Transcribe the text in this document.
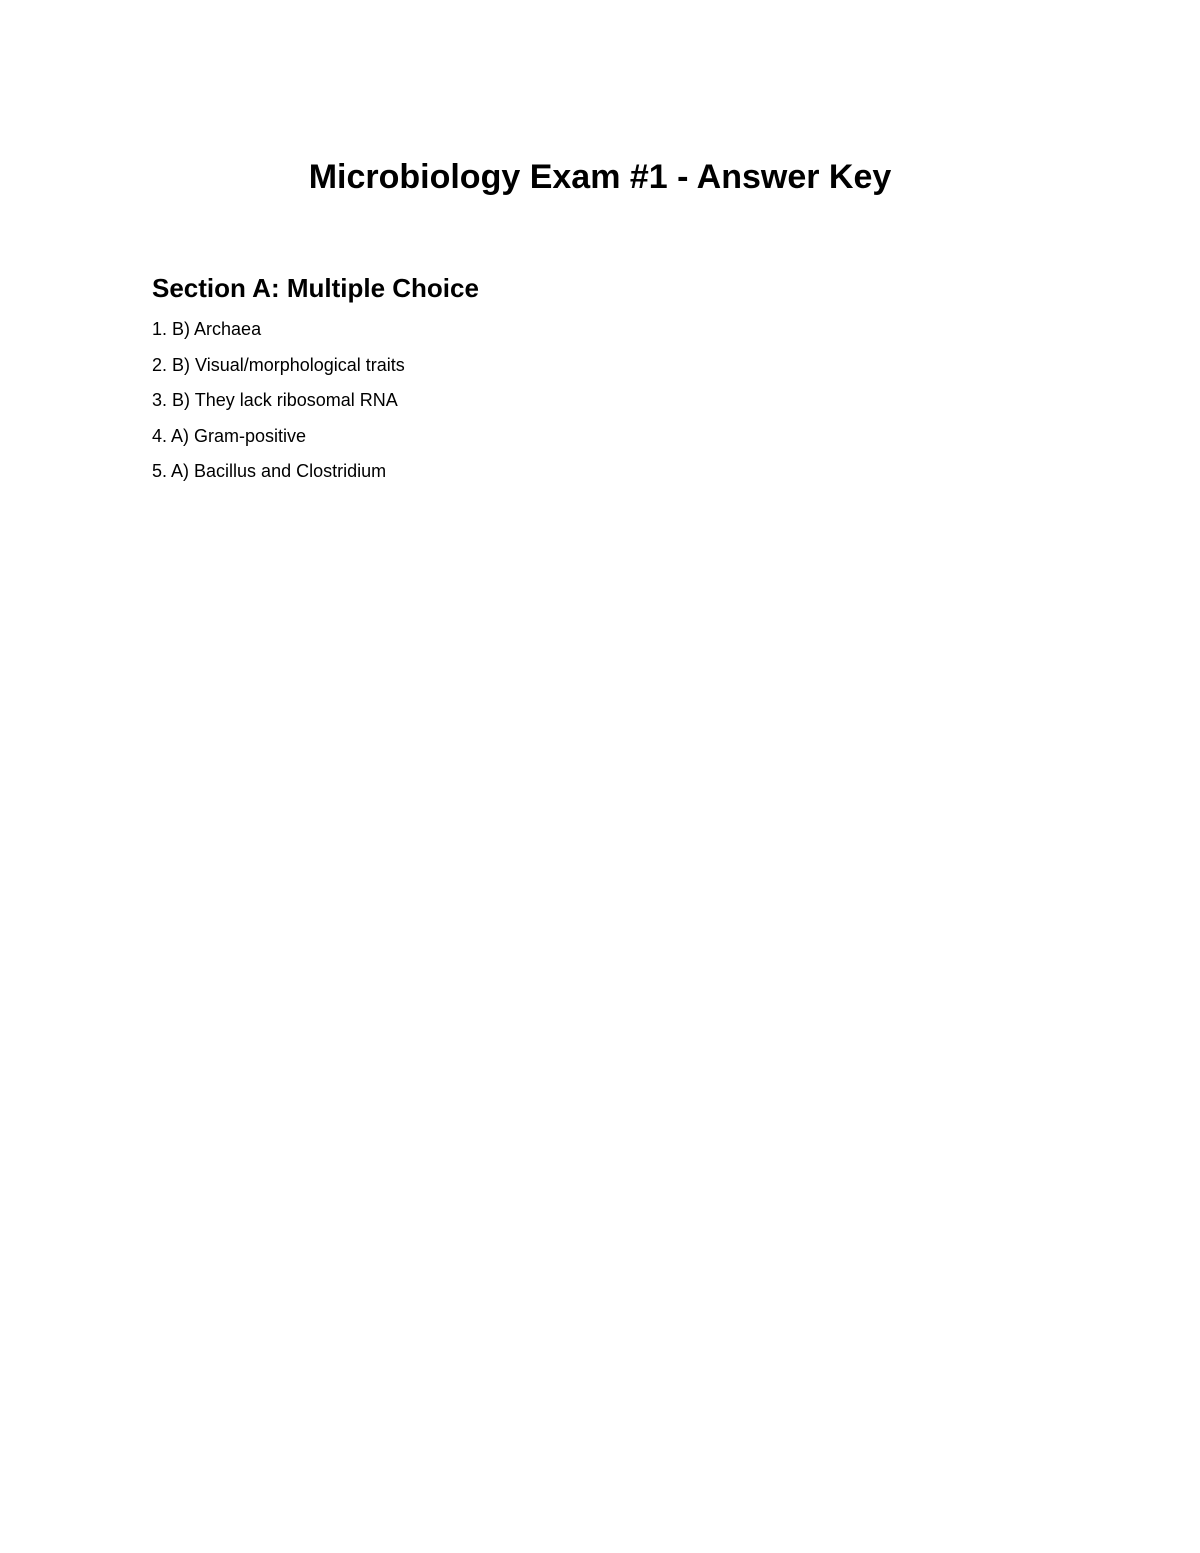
Microbiology Exam #1 - Answer Key
Section A: Multiple Choice
1. B) Archaea
2. B) Visual/morphological traits
3. B) They lack ribosomal RNA
4. A) Gram-positive
5. A) Bacillus and Clostridium
